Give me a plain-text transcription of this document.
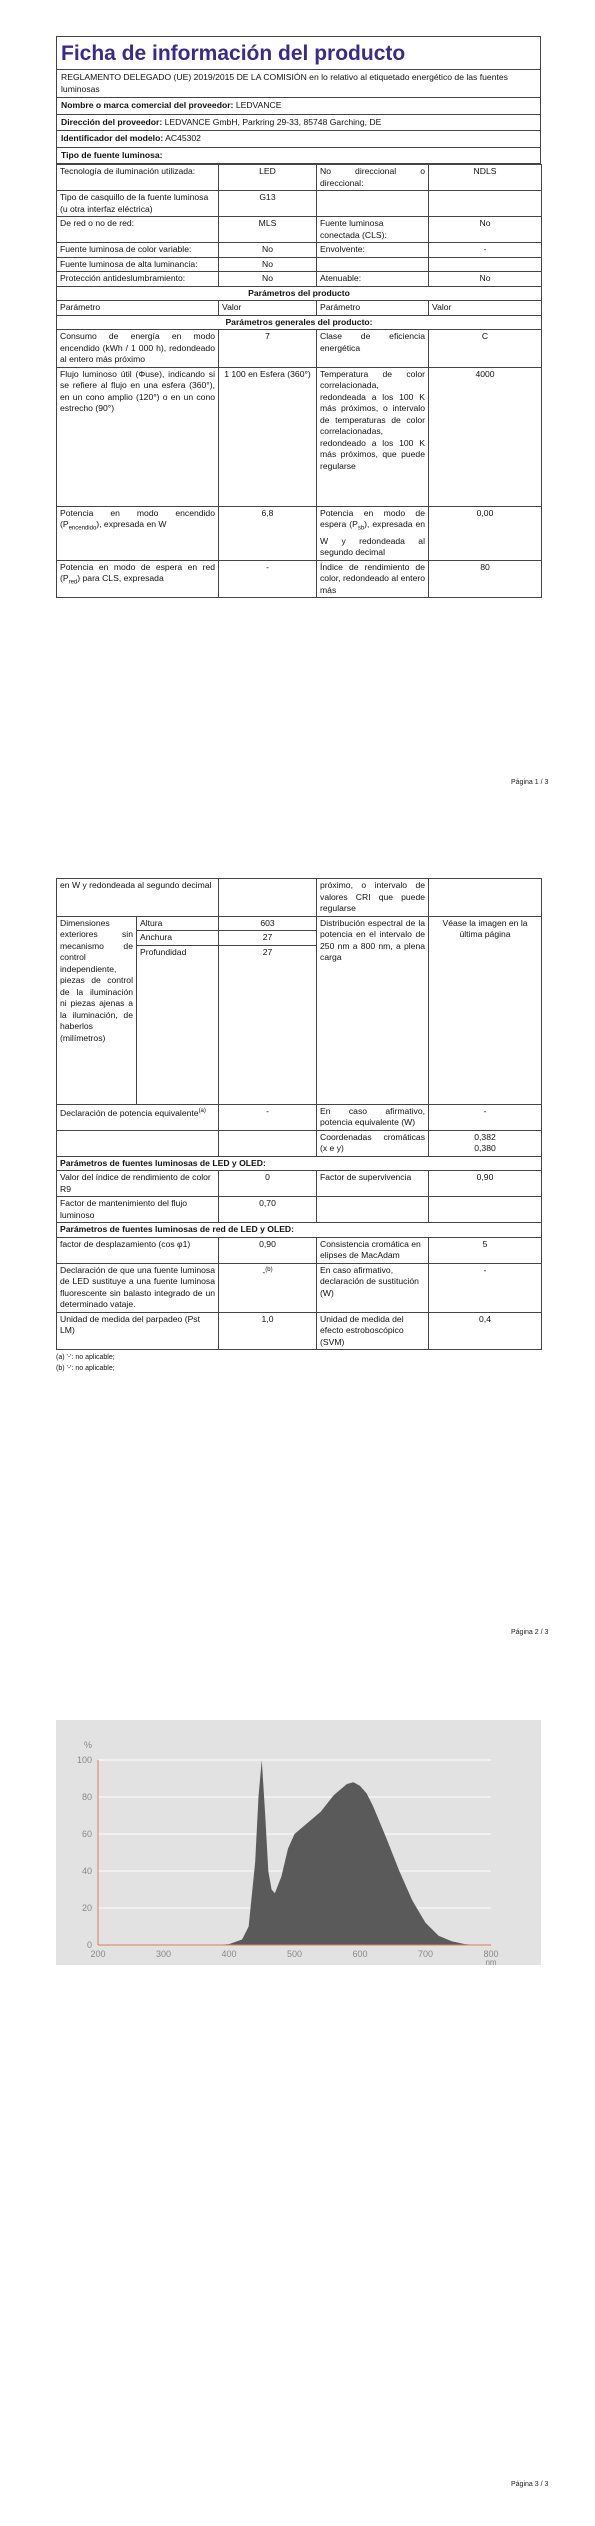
Ficha de información del producto
REGLAMENTO DELEGADO (UE) 2019/2015 DE LA COMISIÓN en lo relativo al etiquetado energético de las fuentes luminosas
Nombre o marca comercial del proveedor: LEDVANCE
Dirección del proveedor: LEDVANCE GmbH, Parkring 29-33, 85748 Garching, DE
Identificador del modelo: AC45302
Tipo de fuente luminosa:
Tecnología de iluminación utilizada:	LED	No direccional o direccional:	NDLS
Tipo de casquillo de la fuente luminosa (u otra interfaz eléctrica)	G13		
De red o no de red:	MLS	Fuente luminosa conectada (CLS):	No
Fuente luminosa de color variable:	No	Envolvente:	-
Fuente luminosa de alta luminancia:	No		
Protección antideslumbramiento:	No	Atenuable:	No
Parámetros del producto			
Parámetro	Valor	Parámetro	Valor
Parámetros generales del producto:			
Consumo de energía en modo encendido (kWh / 1 000 h), redondeado al entero más próximo	7	Clase de eficiencia energética	C
Flujo luminoso útil (Φuse), indicando si se refiere al flujo en una esfera (360°), en un cono amplio (120°) o en un cono estrecho (90°)	1 100 en Esfera (360°)	Temperatura de color correlacionada, redondeada a los 100 K más próximos, o intervalo de temperaturas de color correlacionadas, redondeado a los 100 K más próximos, que puede regularse	4000
Potencia en modo encendido $(P_{encendido})$, expresada en W	6,8	Potencia en modo de espera $(P_{sb})$, expresada en W y redondeada al segundo decimal	0,00
Potencia en modo de espera en red $(P_{red})$ para CLS, expresada	-	Índice de rendimiento de color, redondeado al entero más	80
Página 1 / 3
en W y redondeada al segundo decimal			próximo, o intervalo de valores CRI que puede regularse	
Dimensiones exteriores sin mecanismo de control independiente, piezas de control de la iluminación ni piezas ajenas a la iluminación, de haberlos (milímetros)	Altura	603	Distribución espectral de la potencia en el intervalo de 250 nm a 800 nm, a plena carga	Véase la imagen en la última página
	Anchura	27		
	Profundidad	27		
Declaración de potencia equivalente$^{(a)}$		-	En caso afirmativo, potencia equivalente (W)	-
			Coordenadas cromáticas (x e y)	0,382
0,380
Parámetros de fuentes luminosas de LED y OLED:				
Valor del índice de rendimiento de color R9		0	Factor de supervivencia	0,90
Factor de mantenimiento del flujo luminoso		0,70		
Parámetros de fuentes luminosas de red de LED y OLED:				
factor de desplazamiento (cos φ1)		0,90	Consistencia cromática en elipses de MacAdam	5
Declaración de que una fuente luminosa de LED sustituye a una fuente luminosa fluorescente sin balasto integrado de un determinado vataje.		-$^{(b)}$	En caso afirmativo, declaración de sustitución (W)	-
Unidad de medida del parpadeo (Pst LM)		1,0	Unidad de medida del efecto estroboscópico (SVM)	0,4
(a) '-': no aplicable;
(b) '-': no aplicable;
Página 2 / 3
0
20
40
60
80
100
200	300	400	500	600	700	800
%
nm
Página 3 / 3
